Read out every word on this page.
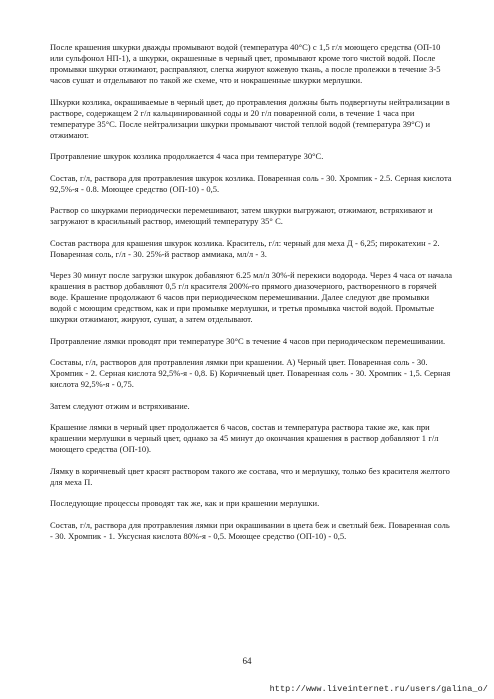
После крашения шкурки дважды промывают водой (температура 40°С) с 1,5 г/л моющего средства (ОП-10 или сульфонол НП-1), а шкурки, окрашенные в черный цвет, промывают кроме того чистой водой. После промывки шкурки отжимают, расправляют, слегка жируют кожевую ткань, а после пролежки в течение 3-5 часов сушат и отделывают по такой же схеме, что и нокрашенные шкурки мерлушки.

Шкурки козлика, окрашиваемые в черный цвет, до протравления должны быть подвергнуты нейтрализации в растворе, содержащем 2 г/л кальцинированной соды и 20 г/л поваренной соли, в течение 1 часа при температуре 35°С. После нейтрализации шкурки промывают чистой теплой водой (температура 39°С) и отжимают.

Протравление шкурок козлика продолжается 4 часа при температуре 30°С.

Состав, г/л, раствора для протравления шкурок козлика. Поваренная соль - 30. Хромпик - 2.5. Серная кислота 92,5%-я - 0.8. Моющее средство (ОП-10) - 0,5.

Раствор со шкурками периодически перемешивают, затем шкурки выгружают, отжимают, встряхивают и загружают в красильный раствор, имеющий температуру 35° С.

Состав раствора для крашения шкурок козлика. Краситель, г/л: черный для меха Д - 6,25; пирокатехин - 2. Поваренная соль, г/л - 30. 25%-й раствор аммиака, мл/л - 3.

Через 30 минут после загрузки шкурок добавляют 6.25 мл/л 30%-й перекиси водорода. Через 4 часа от начала крашения в раствор добавляют 0,5 г/л красителя 200%-го прямого диазочерного, растворенного в горячей воде. Крашение продолжают 6 часов при периодическом перемешивании. Далее следуют две промывки водой с моющим средством, как и при промывке мерлушки, и третья промывка чистой водой. Промытые шкурки отжимают, жируют, сушат, а затем отделывают.

Протравление лямки проводят при температуре 30°С в течение 4 часов при периодическом перемешивании.

Составы, г/л, растворов для протравления лямки при крашении. А) Черный цвет. Поваренная соль - 30. Хромпик - 2. Серная кислота 92,5%-я - 0,8. Б) Коричневый цвет. Поваренная соль - 30. Хромпик - 1,5. Серная кислота 92,5%-я - 0,75.

Затем следуют отжим и встряхивание.

Крашение лямки в черный цвет продолжается 6 часов, состав и температура раствора такие же, как при крашении мерлушки в черный цвет, однако за 45 минут до окончания крашения в раствор добавляют 1 г/л моющего средства (ОП-10).

Лямку в коричневый цвет красят раствором такого же состава, что и мерлушку, только без красителя желтого для меха П.

Последующие процессы проводят так же, как и при крашении мерлушки.

Состав, г/л, раствора для протравления лямки при окрашивании в цвета беж и светлый беж. Поваренная соль - 30. Хромпик - 1. Уксусная кислота 80%-я - 0,5. Моющее средство (ОП-10) - 0,5.

64
http://www.liveinternet.ru/users/galina_o/
